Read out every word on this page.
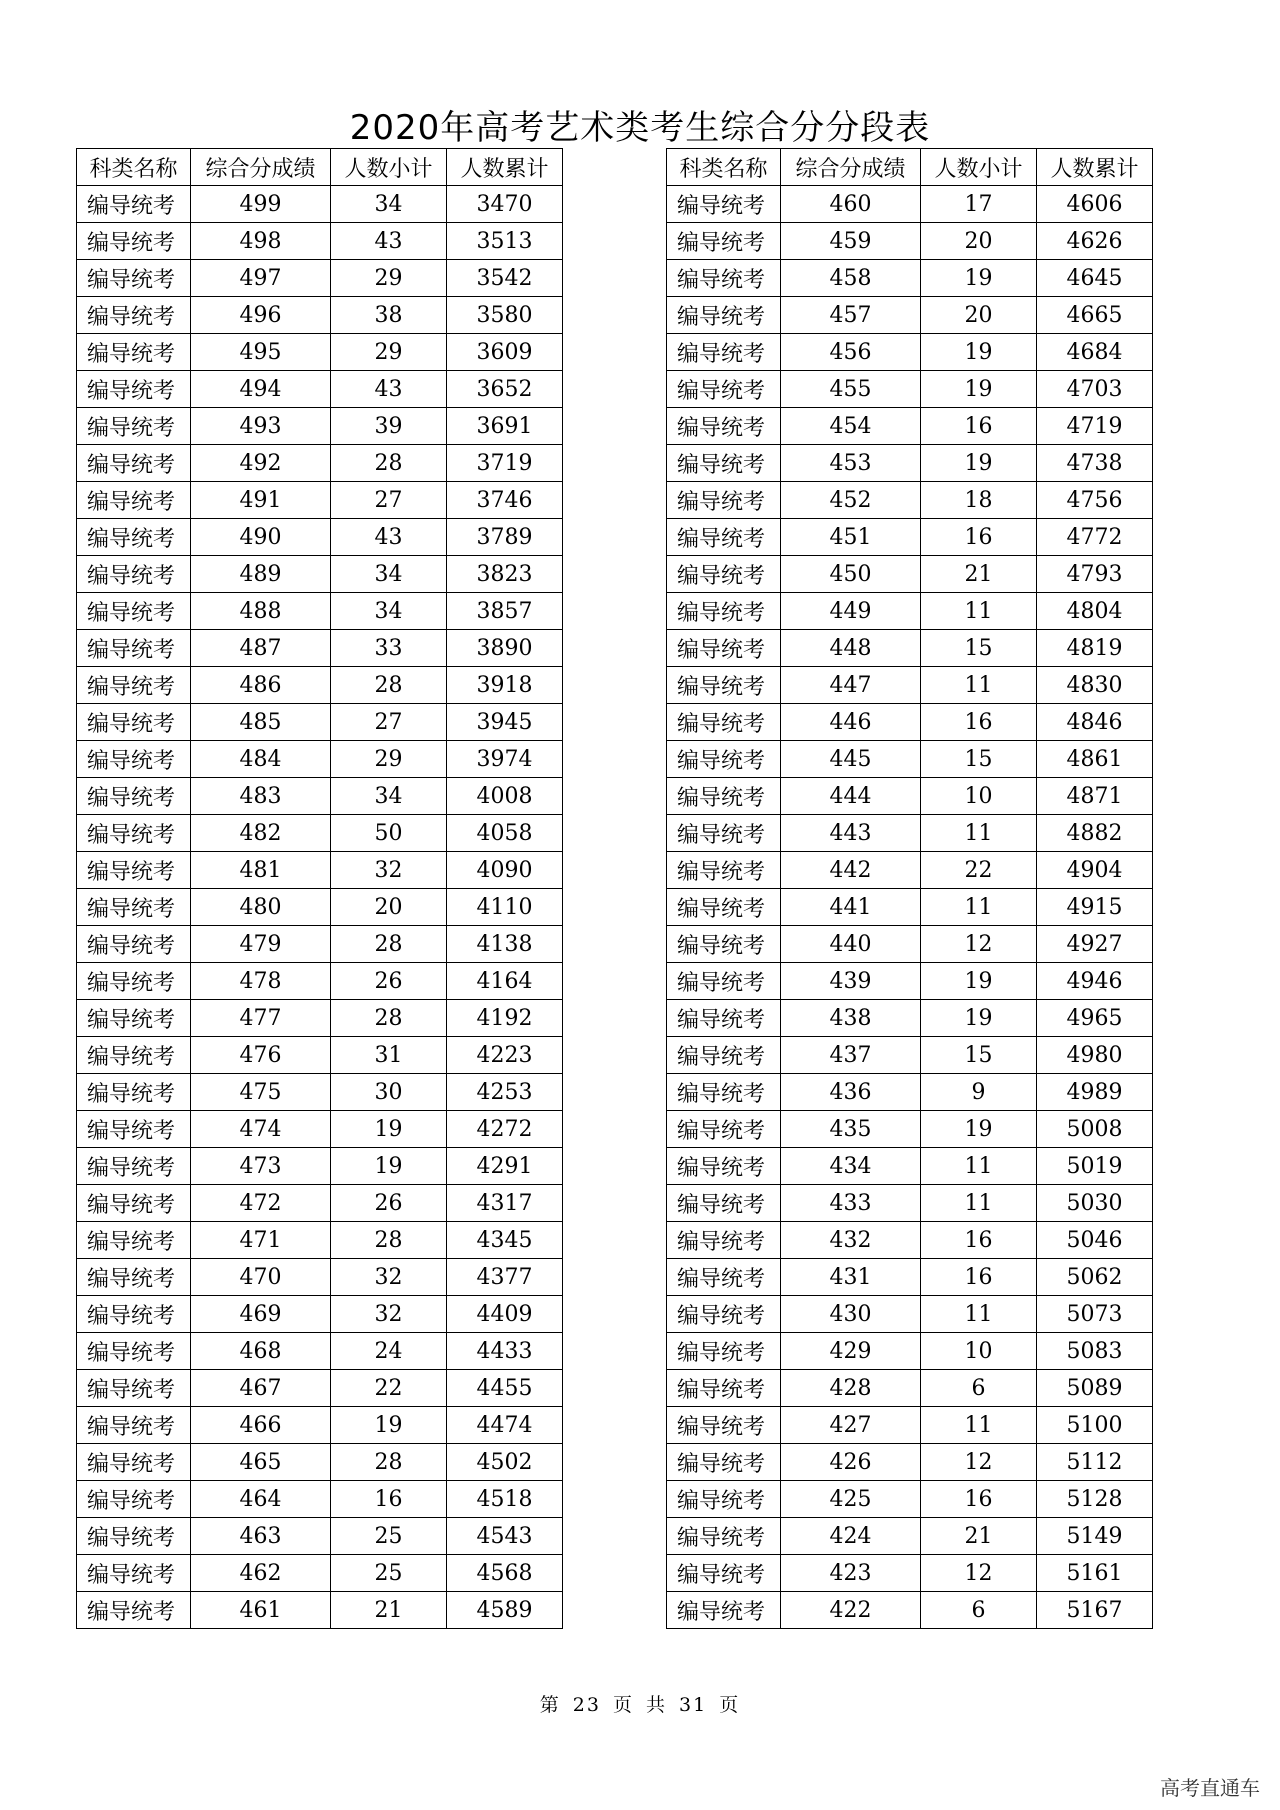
2020年高考艺术类考生综合分分段表
科类名称	综合分成绩	人数小计	人数累计
编导统考	499	34	3470
编导统考	498	43	3513
编导统考	497	29	3542
编导统考	496	38	3580
编导统考	495	29	3609
编导统考	494	43	3652
编导统考	493	39	3691
编导统考	492	28	3719
编导统考	491	27	3746
编导统考	490	43	3789
编导统考	489	34	3823
编导统考	488	34	3857
编导统考	487	33	3890
编导统考	486	28	3918
编导统考	485	27	3945
编导统考	484	29	3974
编导统考	483	34	4008
编导统考	482	50	4058
编导统考	481	32	4090
编导统考	480	20	4110
编导统考	479	28	4138
编导统考	478	26	4164
编导统考	477	28	4192
编导统考	476	31	4223
编导统考	475	30	4253
编导统考	474	19	4272
编导统考	473	19	4291
编导统考	472	26	4317
编导统考	471	28	4345
编导统考	470	32	4377
编导统考	469	32	4409
编导统考	468	24	4433
编导统考	467	22	4455
编导统考	466	19	4474
编导统考	465	28	4502
编导统考	464	16	4518
编导统考	463	25	4543
编导统考	462	25	4568
编导统考	461	21	4589
科类名称	综合分成绩	人数小计	人数累计
编导统考	460	17	4606
编导统考	459	20	4626
编导统考	458	19	4645
编导统考	457	20	4665
编导统考	456	19	4684
编导统考	455	19	4703
编导统考	454	16	4719
编导统考	453	19	4738
编导统考	452	18	4756
编导统考	451	16	4772
编导统考	450	21	4793
编导统考	449	11	4804
编导统考	448	15	4819
编导统考	447	11	4830
编导统考	446	16	4846
编导统考	445	15	4861
编导统考	444	10	4871
编导统考	443	11	4882
编导统考	442	22	4904
编导统考	441	11	4915
编导统考	440	12	4927
编导统考	439	19	4946
编导统考	438	19	4965
编导统考	437	15	4980
编导统考	436	9	4989
编导统考	435	19	5008
编导统考	434	11	5019
编导统考	433	11	5030
编导统考	432	16	5046
编导统考	431	16	5062
编导统考	430	11	5073
编导统考	429	10	5083
编导统考	428	6	5089
编导统考	427	11	5100
编导统考	426	12	5112
编导统考	425	16	5128
编导统考	424	21	5149
编导统考	423	12	5161
编导统考	422	6	5167
第 23 页 共 31 页
高考直通车
